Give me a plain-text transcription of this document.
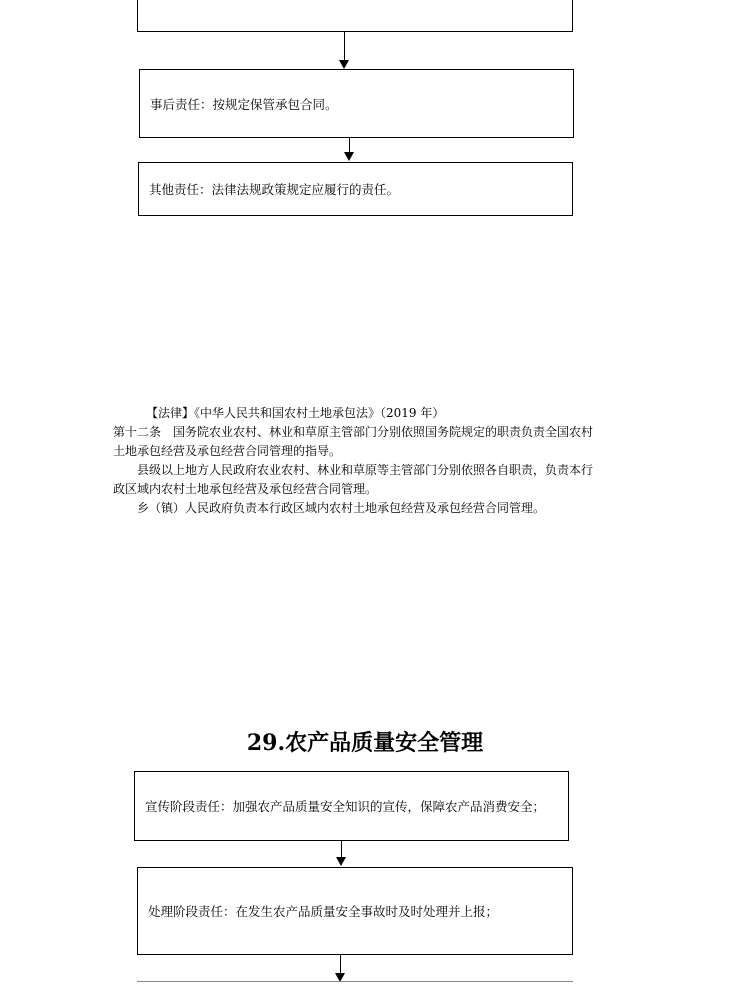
事后责任：按规定保管承包合同。
其他责任：法律法规政策规定应履行的责任。

【法律】《中华人民共和国农村土地承包法》（2019 年）

第十二条　国务院农业农村、林业和草原主管部门分别依照国务院规定的职责负责全国农村

土地承包经营及承包经营合同管理的指导。

县级以上地方人民政府农业农村、林业和草原等主管部门分别依照各自职责，负责本行

政区域内农村土地承包经营及承包经营合同管理。

乡（镇）人民政府负责本行政区域内农村土地承包经营及承包经营合同管理。

29.农产品质量安全管理
宣传阶段责任：加强农产品质量安全知识的宣传，保障农产品消费安全；
处理阶段责任：在发生农产品质量安全事故时及时处理并上报；
